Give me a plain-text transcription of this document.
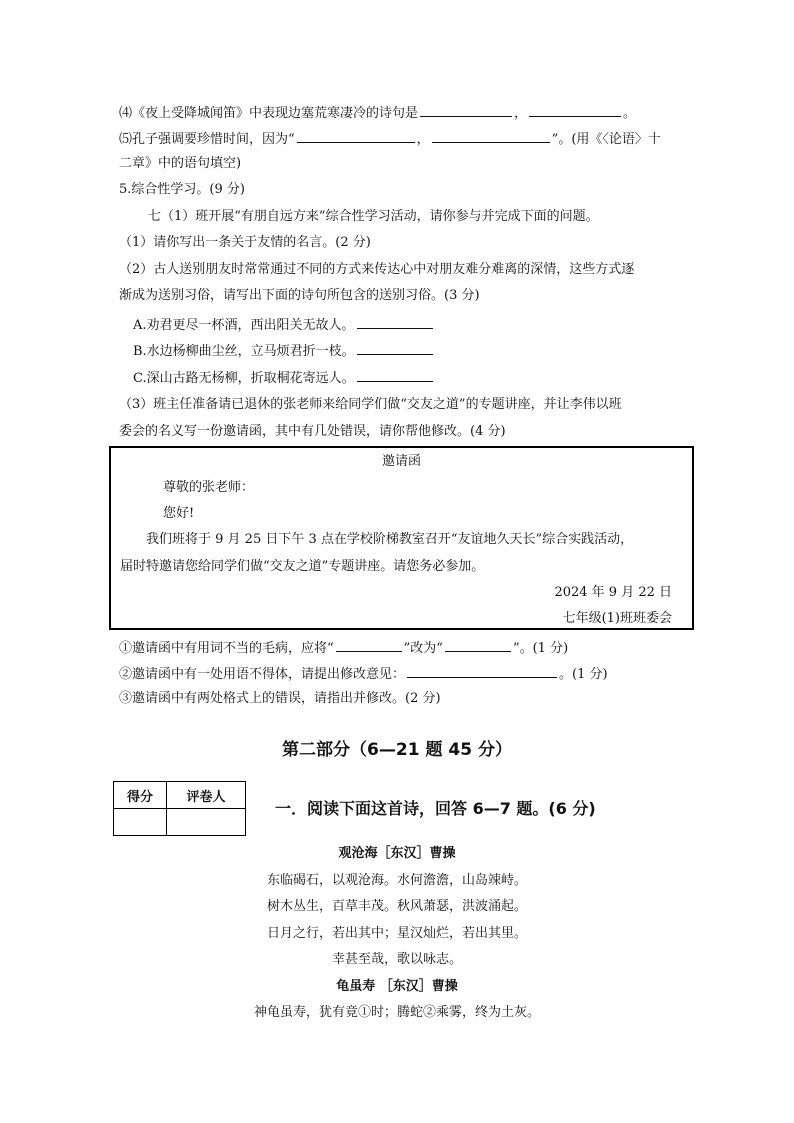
⑷《夜上受降城闻笛》中表现边塞荒寒凄冷的诗句是	，	。
⑸孔子强调要珍惜时间，因为“	，	”。(用《〈论语〉十
二章》中的语句填空)
5.综合性学习。(9 分)
七（1）班开展“有朋自远方来”综合性学习活动，请你参与并完成下面的问题。
（1）请你写出一条关于友情的名言。(2 分)
（2）古人送别朋友时常常通过不同的方式来传达心中对朋友难分难离的深情，这些方式逐
渐成为送别习俗，请写出下面的诗句所包含的送别习俗。(3 分)
A.劝君更尽一杯酒，西出阳关无故人。
B.水边杨柳曲尘丝，立马烦君折一枝。
C.深山古路无杨柳，折取桐花寄远人。
（3）班主任准备请已退休的张老师来给同学们做“交友之道”的专题讲座，并让李伟以班
委会的名义写一份邀请函，其中有几处错误，请你帮他修改。(4 分)
邀请函
尊敬的张老师：
您好!
我们班将于 9 月 25 日下午 3 点在学校阶梯教室召开“友谊地久天长”综合实践活动，
届时特邀请您给同学们做“交友之道”专题讲座。请您务必参加。
2024 年 9 月 22 日
七年级(1)班班委会
①邀请函中有用词不当的毛病，应将“	”改为“	”。(1 分)
②邀请函中有一处用语不得体，请提出修改意见：	。(1 分)
③邀请函中有两处格式上的错误，请指出并修改。(2 分)
第二部分（6—21 题 45 分）
得分	评卷人

一．阅读下面这首诗，回答 6—7 题。(6 分)
观沧海［东汉］曹操
东临碣石，以观沧海。水何澹澹，山岛竦峙。
树木丛生，百草丰茂。秋风萧瑟，洪波涌起。
日月之行，若出其中；星汉灿烂，若出其里。
幸甚至哉，歌以咏志。
龟虽寿 ［东汉］曹操
神龟虽寿，犹有竟①时；腾蛇②乘雾，终为土灰。
